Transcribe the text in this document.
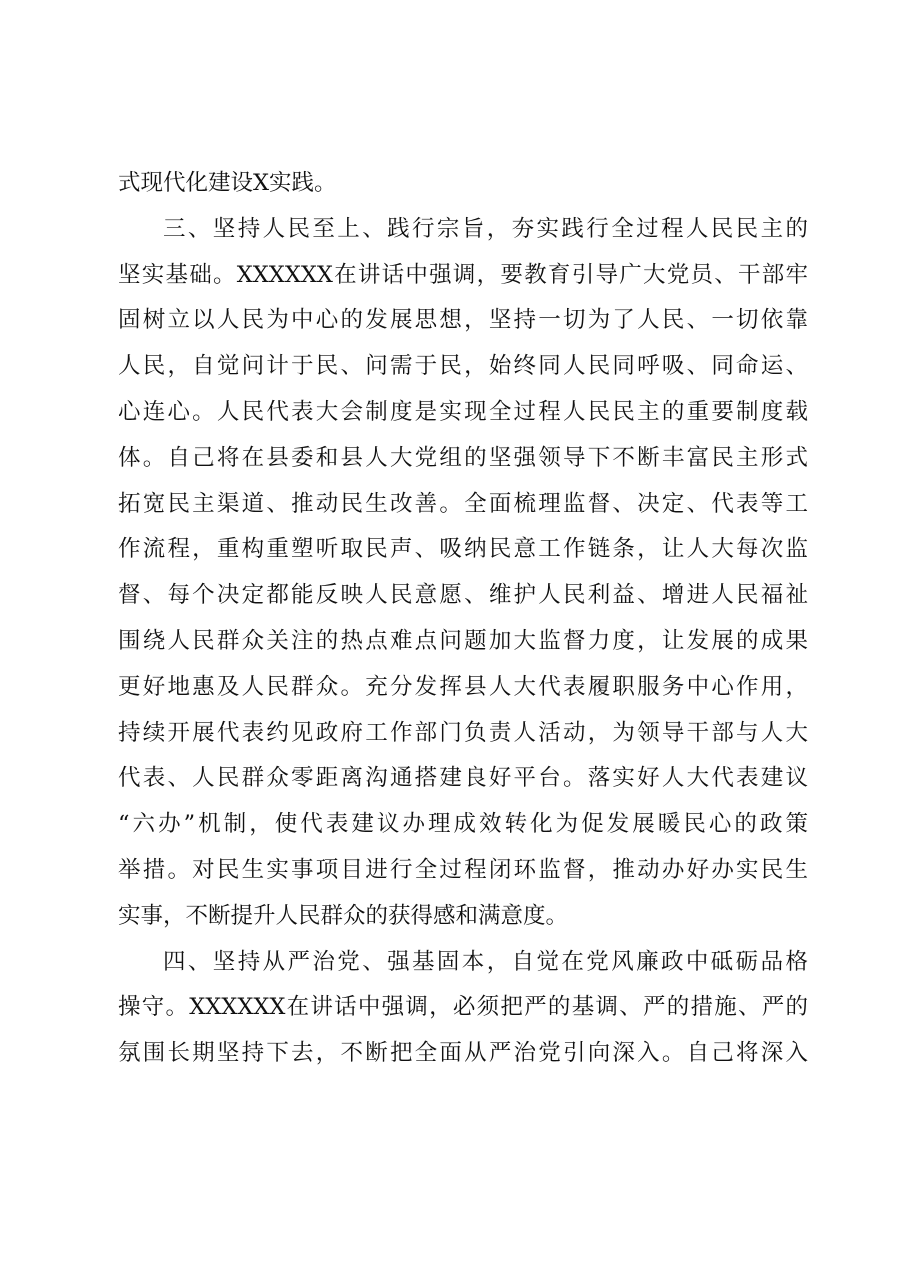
式现代化建设X实践。
三、坚持人民至上、践行宗旨，夯实践行全过程人民民主的
坚实基础。XXXXXX在讲话中强调，要教育引导广大党员、干部牢
固树立以人民为中心的发展思想，坚持一切为了人民、一切依靠
人民，自觉问计于民、问需于民，始终同人民同呼吸、同命运、
心连心。人民代表大会制度是实现全过程人民民主的重要制度载
体。自己将在县委和县人大党组的坚强领导下不断丰富民主形式
拓宽民主渠道、推动民生改善。全面梳理监督、决定、代表等工
作流程，重构重塑听取民声、吸纳民意工作链条，让人大每次监
督、每个决定都能反映人民意愿、维护人民利益、增进人民福祉
围绕人民群众关注的热点难点问题加大监督力度，让发展的成果
更好地惠及人民群众。充分发挥县人大代表履职服务中心作用，
持续开展代表约见政府工作部门负责人活动，为领导干部与人大
代表、人民群众零距离沟通搭建良好平台。落实好人大代表建议
“六办”机制，使代表建议办理成效转化为促发展暖民心的政策
举措。对民生实事项目进行全过程闭环监督，推动办好办实民生
实事，不断提升人民群众的获得感和满意度。
四、坚持从严治党、强基固本，自觉在党风廉政中砥砺品格
操守。XXXXXX在讲话中强调，必须把严的基调、严的措施、严的
氛围长期坚持下去，不断把全面从严治党引向深入。自己将深入
